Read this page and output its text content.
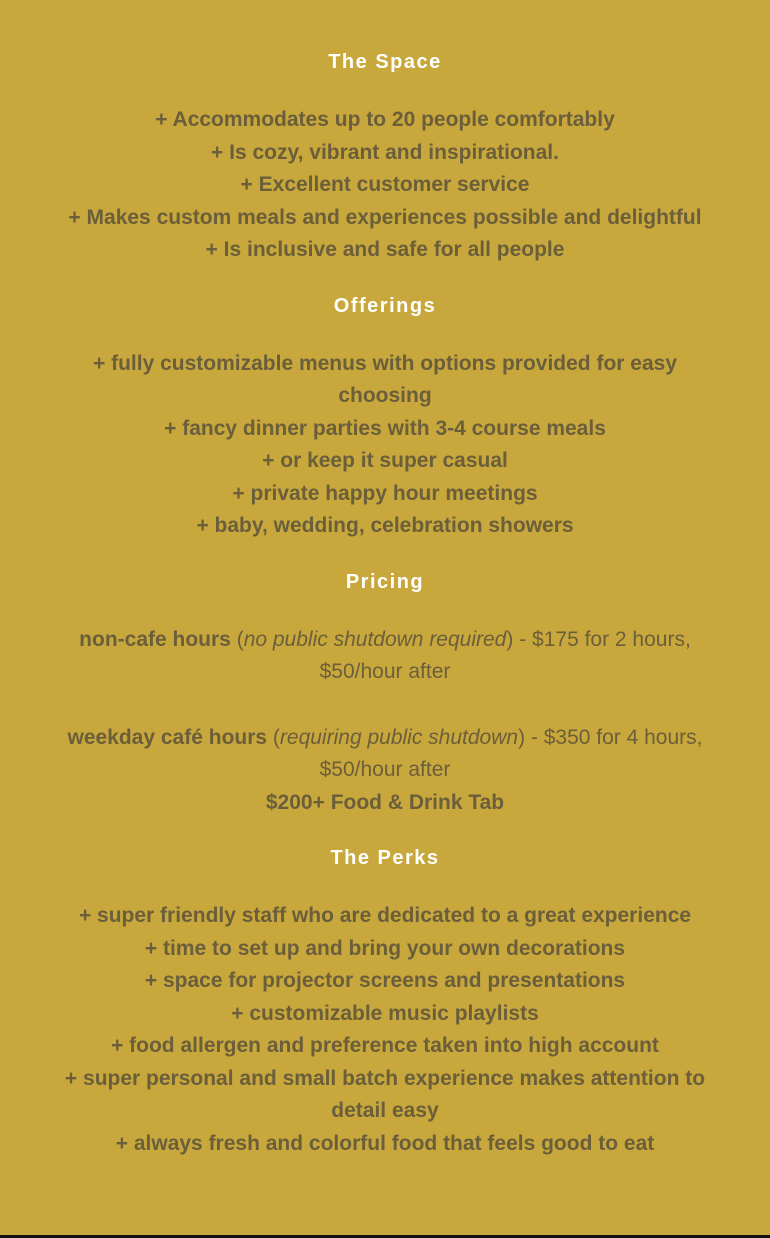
The Space
+ Accommodates up to 20 people comfortably
+ Is cozy, vibrant and inspirational.
+ Excellent customer service
+ Makes custom meals and experiences possible and delightful
+ Is inclusive and safe for all people
Offerings
+ fully customizable menus with options provided for easy choosing
+ fancy dinner parties with 3-4 course meals
+ or keep it super casual
+ private happy hour meetings
+ baby, wedding, celebration showers
Pricing

non-cafe hours (no public shutdown required) - $175 for 2 hours, $50/hour after

weekday café hours (requiring public shutdown) - $350 for 4 hours, $50/hour after

$200+ Food & Drink Tab

The Perks
+ super friendly staff who are dedicated to a great experience
+ time to set up and bring your own decorations
+ space for projector screens and presentations
+ customizable music playlists
+ food allergen and preference taken into high account
+ super personal and small batch experience makes attention to detail easy
+ always fresh and colorful food that feels good to eat
